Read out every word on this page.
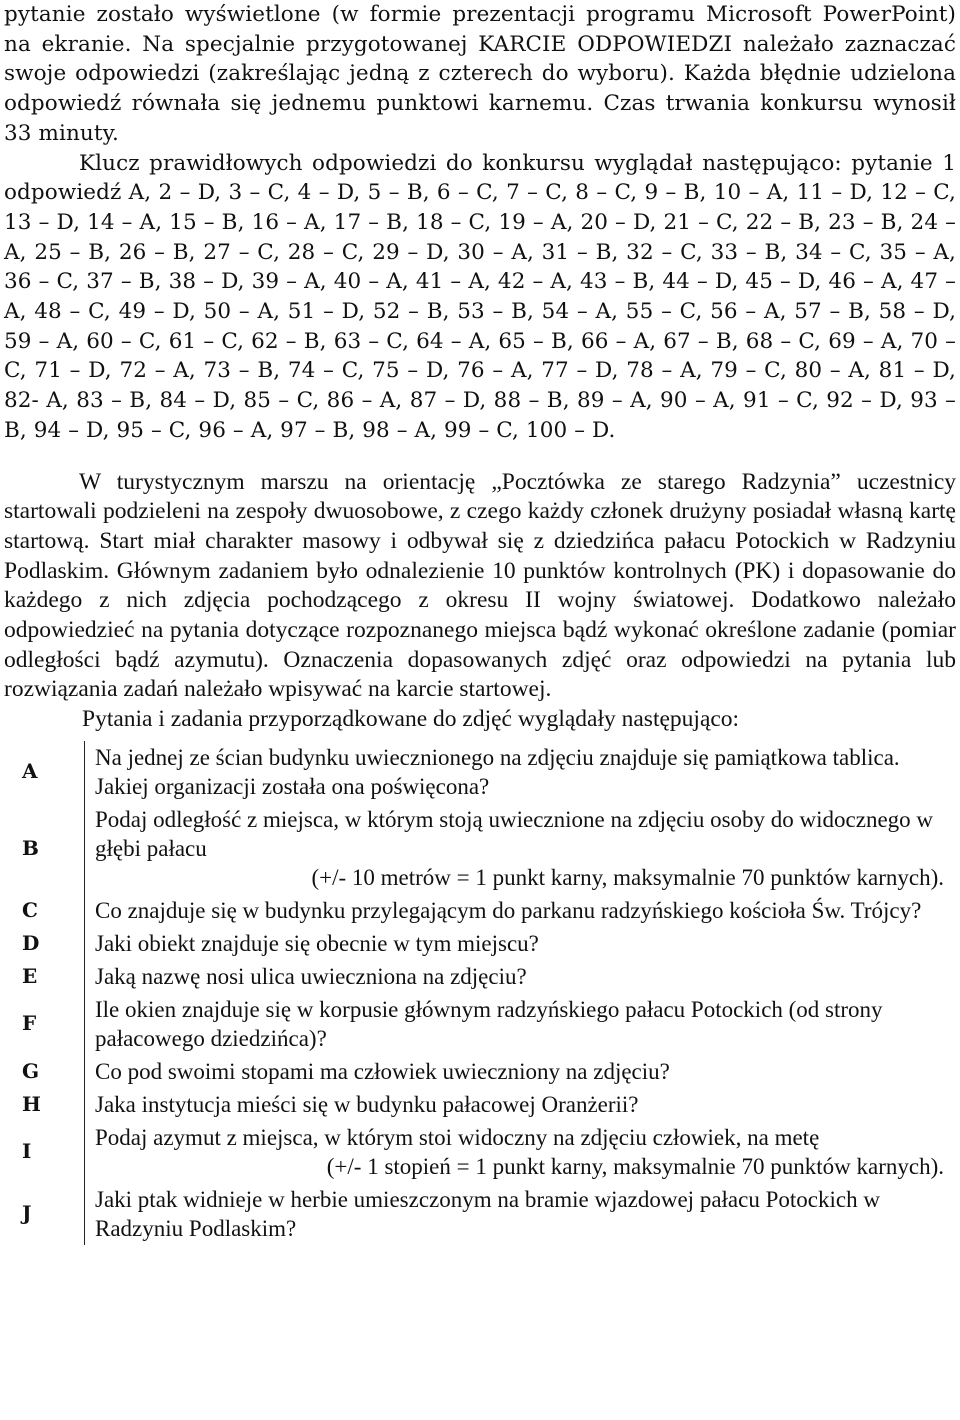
pytanie zostało wyświetlone (w formie prezentacji programu Microsoft PowerPoint) na ekranie. Na specjalnie przygotowanej KARCIE ODPOWIEDZI należało zaznaczać swoje odpowiedzi (zakreślając jedną z czterech do wyboru). Każda błędnie udzielona odpowiedź równała się jednemu punktowi karnemu. Czas trwania konkursu wynosił 33 minuty.

Klucz prawidłowych odpowiedzi do konkursu wyglądał następująco: pytanie 1 odpowiedź A, 2 – D, 3 – C, 4 – D, 5 – B, 6 – C, 7 – C, 8 – C, 9 – B, 10 – A, 11 – D, 12 – C, 13 – D, 14 – A, 15 – B, 16 – A, 17 – B, 18 – C, 19 – A, 20 – D, 21 – C, 22 – B, 23 – B, 24 – A, 25 – B, 26 – B, 27 – C, 28 – C, 29 – D, 30 – A, 31 – B, 32 – C, 33 – B, 34 – C, 35 – A, 36 – C, 37 – B, 38 – D, 39 – A, 40 – A, 41 – A, 42 – A, 43 – B, 44 – D, 45 – D, 46 – A, 47 – A, 48 – C, 49 – D, 50 – A, 51 – D, 52 – B, 53 – B, 54 – A, 55 – C, 56 – A, 57 – B, 58 – D, 59 – A, 60 – C, 61 – C, 62 – B, 63 – C, 64 – A, 65 – B, 66 – A, 67 – B, 68 – C, 69 – A, 70 – C, 71 – D, 72 – A, 73 – B, 74 – C, 75 – D, 76 – A, 77 – D, 78 – A, 79 – C, 80 – A, 81 – D, 82- A, 83 – B, 84 – D, 85 – C, 86 – A, 87 – D, 88 – B, 89 – A, 90 – A, 91 – C, 92 – D, 93 – B, 94 – D, 95 – C, 96 – A, 97 – B, 98 – A, 99 – C, 100 – D.

W turystycznym marszu na orientację „Pocztówka ze starego Radzynia” uczestnicy startowali podzieleni na zespoły dwuosobowe, z czego każdy członek drużyny posiadał własną kartę startową. Start miał charakter masowy i odbywał się z dziedzińca pałacu Potockich w Radzyniu Podlaskim. Głównym zadaniem było odnalezienie 10 punktów kontrolnych (PK) i dopasowanie do każdego z nich zdjęcia pochodzącego z okresu II wojny światowej. Dodatkowo należało odpowiedzieć na pytania dotyczące rozpoznanego miejsca bądź wykonać określone zadanie (pomiar odległości bądź azymutu). Oznaczenia dopasowanych zdjęć oraz odpowiedzi na pytania lub rozwiązania zadań należało wpisywać na karcie startowej.

Pytania i zadania przyporządkowane do zdjęć wyglądały następująco:

A	Na jednej ze ścian budynku uwiecznionego na zdjęciu znajduje się pamiątkowa tablica. Jakiej organizacji została ona poświęcona?
B	Podaj odległość z miejsca, w którym stoją uwiecznione na zdjęciu osoby do widocznego w głębi pałacu
(+/- 10 metrów = 1 punkt karny, maksymalnie 70 punktów karnych).

C	Co znajduje się w budynku przylegającym do parkanu radzyńskiego kościoła Św. Trójcy?
D	Jaki obiekt znajduje się obecnie w tym miejscu?
E	Jaką nazwę nosi ulica uwieczniona na zdjęciu?
F	Ile okien znajduje się w korpusie głównym radzyńskiego pałacu Potockich (od strony pałacowego dziedzińca)?
G	Co pod swoimi stopami ma człowiek uwieczniony na zdjęciu?
H	Jaka instytucja mieści się w budynku pałacowej Oranżerii?
I	Podaj azymut z miejsca, w którym stoi widoczny na zdjęciu człowiek, na metę
(+/- 1 stopień = 1 punkt karny, maksymalnie 70 punktów karnych).

J	Jaki ptak widnieje w herbie umieszczonym na bramie wjazdowej pałacu Potockich w Radzyniu Podlaskim?
